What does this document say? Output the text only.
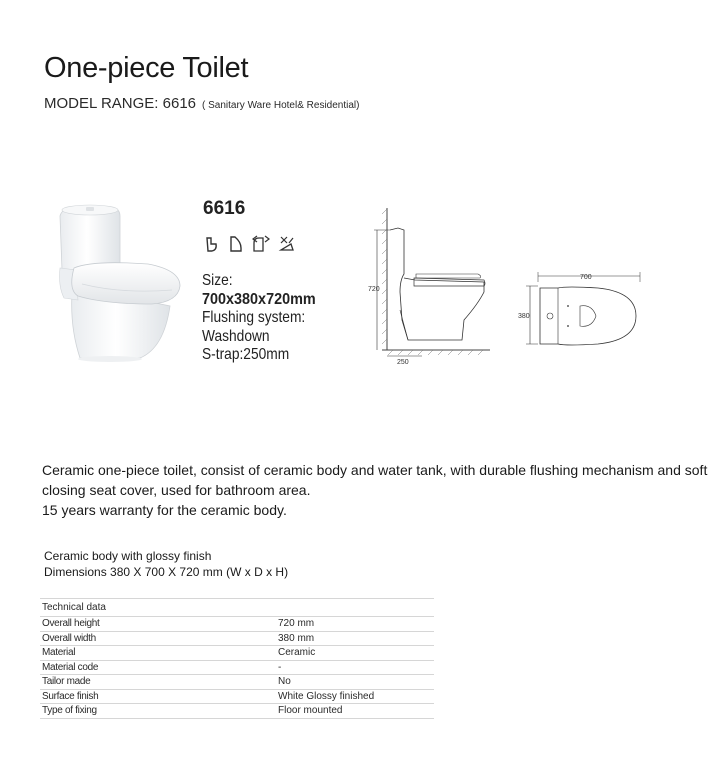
One-piece Toilet
MODEL RANGE: 6616 ( Sanitary Ware Hotel& Residential)
6616
Size:
700x380x720mm
Flushing system:
Washdown
S-trap:250mm
720
250
700
380

Ceramic one-piece toilet, consist of ceramic body and water tank, with durable flushing mechanism and soft closing seat cover, used for bathroom area.

15 years warranty for the ceramic body.

Ceramic body with glossy finish
Dimensions 380 X 700 X 720 mm (W x D x H)
Technical data
Overall height	720 mm
Overall width	380 mm
Material	Ceramic
Material code	-
Tailor made	No
Surface finish	White Glossy finished
Type of fixing	Floor mounted
